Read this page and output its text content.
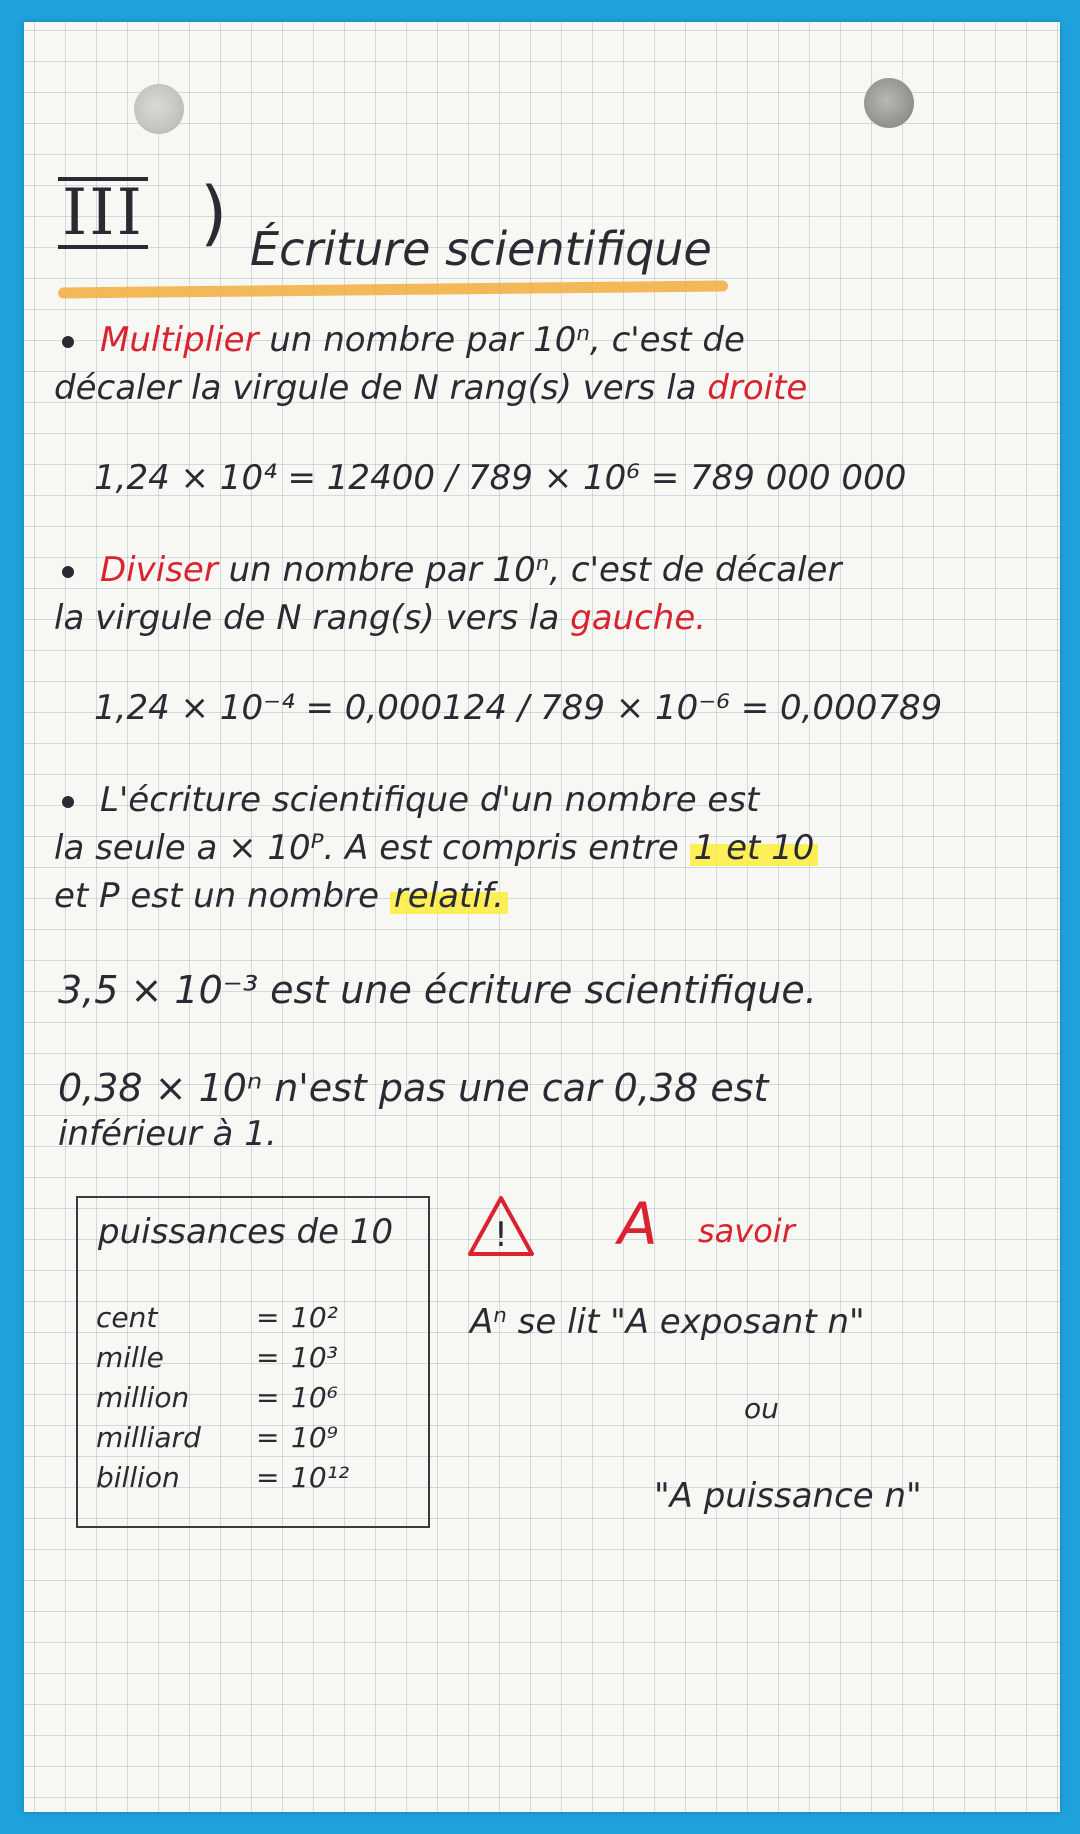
III ) Écriture scientifique
Multiplier un nombre par 10ⁿ, c'est de
décaler la virgule de N rang(s) vers la droite
1,24 × 10⁴ = 12400 / 789 × 10⁶ = 789 000 000
Diviser un nombre par 10ⁿ, c'est de décaler
la virgule de N rang(s) vers la gauche.
1,24 × 10⁻⁴ = 0,000124 / 789 × 10⁻⁶ = 0,000789
L'écriture scientifique d'un nombre est
la seule a × 10ᴾ. A est compris entre 1 et 10
et P est un nombre relatif.
3,5 × 10⁻³ est une écriture scientifique.
0,38 × 10ⁿ n'est pas une car 0,38 est
inférieur à 1.
puissances de 10
cent	= 10²
mille	= 10³
million = 10⁶
milliard = 10⁹
billion	= 10¹²
! A savoir
Aⁿ se lit "A exposant n"
ou
"A puissance n"
